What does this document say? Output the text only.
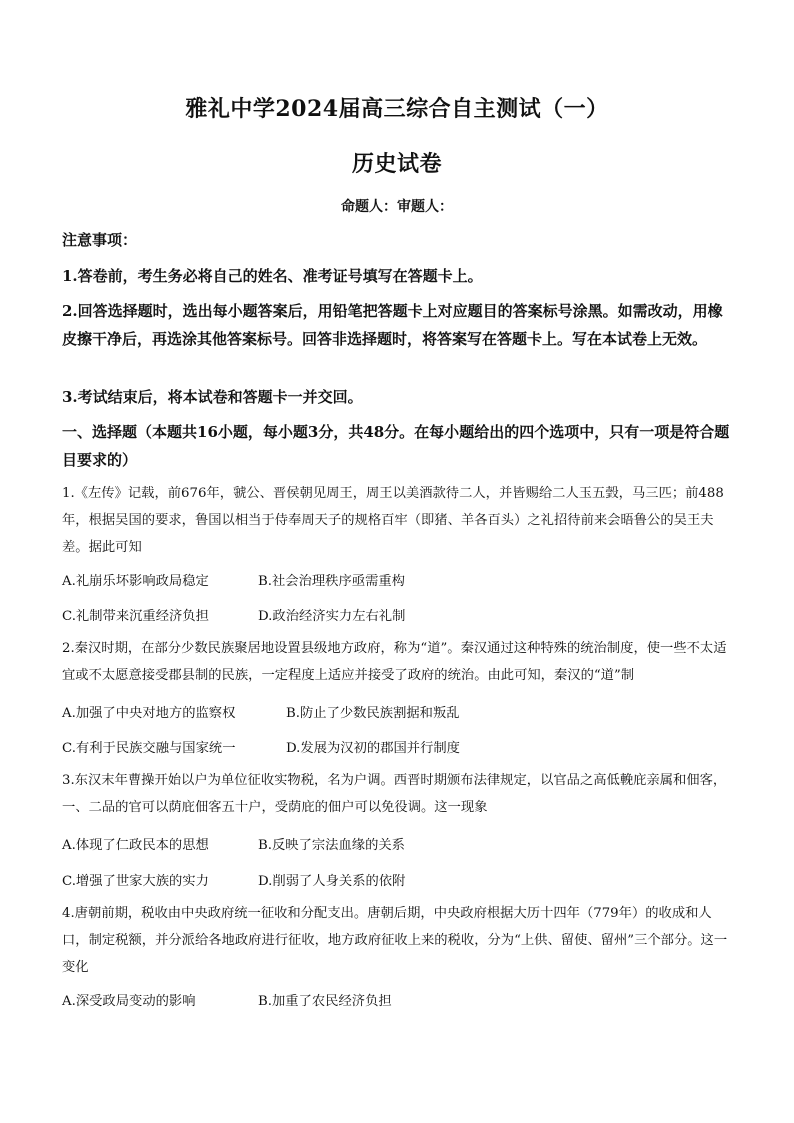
雅礼中学2024届高三综合自主测试（一）
历史试卷
命题人：审题人：
注意事项：
1.答卷前，考生务必将自己的姓名、准考证号填写在答题卡上。
2.回答选择题时，选出每小题答案后，用铅笔把答题卡上对应题目的答案标号涂黑。如需改动，用橡皮擦干净后，再选涂其他答案标号。回答非选择题时，将答案写在答题卡上。写在本试卷上无效。
3.考试结束后，将本试卷和答题卡一并交回。
一、选择题（本题共16小题，每小题3分，共48分。在每小题给出的四个选项中，只有一项是符合题目要求的）
1.《左传》记载，前676年，虢公、晋侯朝见周王，周王以美酒款待二人，并皆赐给二人玉五瑴，马三匹；前488年，根据吴国的要求，鲁国以相当于侍奉周天子的规格百牢（即猪、羊各百头）之礼招待前来会晤鲁公的吴王夫差。据此可知
A.礼崩乐坏影响政局稳定	B.社会治理秩序亟需重构
C.礼制带来沉重经济负担	D.政治经济实力左右礼制
2.秦汉时期，在部分少数民族聚居地设置县级地方政府，称为“道”。秦汉通过这种特殊的统治制度，使一些不太适宜或不太愿意接受郡县制的民族，一定程度上适应并接受了政府的统治。由此可知，秦汉的“道”制
A.加强了中央对地方的监察权	B.防止了少数民族割据和叛乱
C.有利于民族交融与国家统一	D.发展为汉初的郡国并行制度
3.东汉末年曹操开始以户为单位征收实物税，名为户调。西晋时期颁布法律规定，以官品之高低輓庇亲属和佃客，一、二品的官可以荫庇佃客五十户，受荫庇的佃户可以免役调。这一现象
A.体现了仁政民本的思想	B.反映了宗法血缘的关系
C.增强了世家大族的实力	D.削弱了人身关系的依附
4.唐朝前期，税收由中央政府统一征收和分配支出。唐朝后期，中央政府根据大历十四年（779年）的收成和人口，制定税额，并分派给各地政府进行征收，地方政府征收上来的税收，分为“上供、留使、留州”三个部分。这一变化
A.深受政局变动的影响	B.加重了农民经济负担
